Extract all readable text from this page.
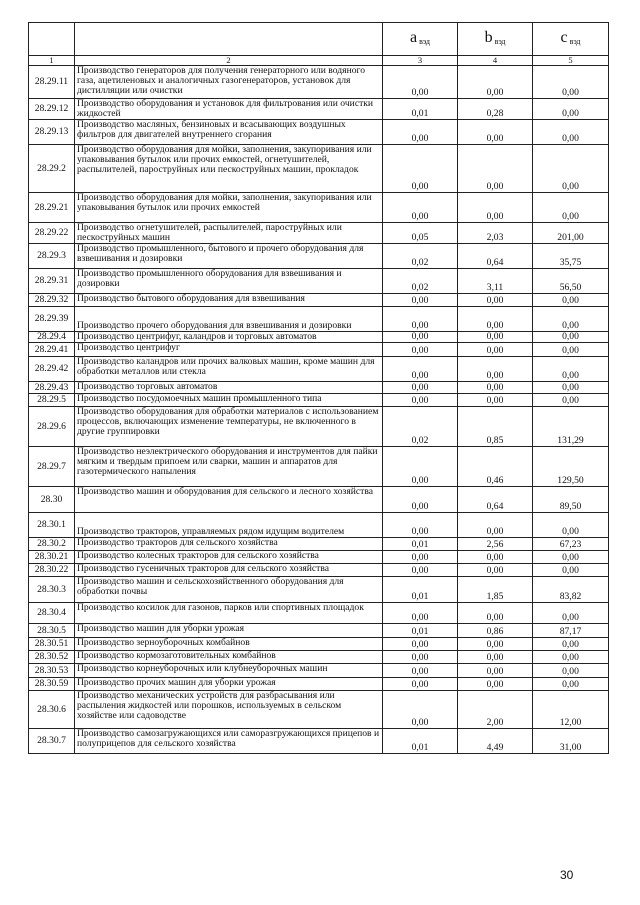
		a $_{вэд}$	b $_{вэд}$	c $_{вэд}$
1	2	3	4	5
28.29.11	Производство генераторов для получения генераторного или водяного газа, ацетиленовых и аналогичных газогенераторов, установок для дистилляции или очистки	0,00	0,00	0,00
28.29.12	Производство оборудования и установок для фильтрования или очистки жидкостей	0,01	0,28	0,00
28.29.13	Производство масляных, бензиновых и всасывающих воздушных фильтров для двигателей внутреннего сгорания	0,00	0,00	0,00
28.29.2	Производство оборудования для мойки, заполнения, закупоривания или упаковывания бутылок или прочих емкостей, огнетушителей, распылителей, пароструйных или пескоструйных машин, прокладок	0,00	0,00	0,00
28.29.21	Производство оборудования для мойки, заполнения, закупоривания или упаковывания бутылок или прочих емкостей	0,00	0,00	0,00
28.29.22	Производство огнетушителей, распылителей, пароструйных или пескоструйных машин	0,05	2,03	201,00
28.29.3	Производство промышленного, бытового и прочего оборудования для взвешивания и дозировки	0,02	0,64	35,75
28.29.31	Производство промышленного оборудования для взвешивания и дозировки	0,02	3,11	56,50
28.29.32	Производство бытового оборудования для взвешивания	0,00	0,00	0,00
28.29.39	Производство прочего оборудования для взвешивания и дозировки	0,00	0,00	0,00
28.29.4	Производство центрифуг, каландров и торговых автоматов	0,00	0,00	0,00
28.29.41	Производство центрифуг	0,00	0,00	0,00
28.29.42	Производство каландров или прочих валковых машин, кроме машин для обработки металлов или стекла	0,00	0,00	0,00
28.29.43	Производство торговых автоматов	0,00	0,00	0,00
28.29.5	Производство посудомоечных машин промышленного типа	0,00	0,00	0,00
28.29.6	Производство оборудования для обработки материалов с использованием процессов, включающих изменение температуры, не включенного в другие группировки	0,02	0,85	131,29
28.29.7	Производство неэлектрического оборудования и инструментов для пайки мягким и твердым припоем или сварки, машин и аппаратов для газотермического напыления	0,00	0,46	129,50
28.30	Производство машин и оборудования для сельского и лесного хозяйства	0,00	0,64	89,50
28.30.1	Производство тракторов, управляемых рядом идущим водителем	0,00	0,00	0,00
28.30.2	Производство тракторов для сельского хозяйства	0,01	2,56	67,23
28.30.21	Производство колесных тракторов для сельского хозяйства	0,00	0,00	0,00
28.30.22	Производство гусеничных тракторов для сельского хозяйства	0,00	0,00	0,00
28.30.3	Производство машин и сельскохозяйственного оборудования для обработки почвы	0,01	1,85	83,82
28.30.4	Производство косилок для газонов, парков или спортивных площадок	0,00	0,00	0,00
28.30.5	Производство машин для уборки урожая	0,01	0,86	87,17
28.30.51	Производство зерноуборочных комбайнов	0,00	0,00	0,00
28.30.52	Производство кормозаготовительных комбайнов	0,00	0,00	0,00
28.30.53	Производство корнеуборочных или клубнеуборочных машин	0,00	0,00	0,00
28.30.59	Производство прочих машин для уборки урожая	0,00	0,00	0,00
28.30.6	Производство механических устройств для разбрасывания или распыления жидкостей или порошков, используемых в сельском хозяйстве или садоводстве	0,00	2,00	12,00
28.30.7	Производство самозагружающихся или саморазгружающихся прицепов и полуприцепов для сельского хозяйства	0,01	4,49	31,00
30
